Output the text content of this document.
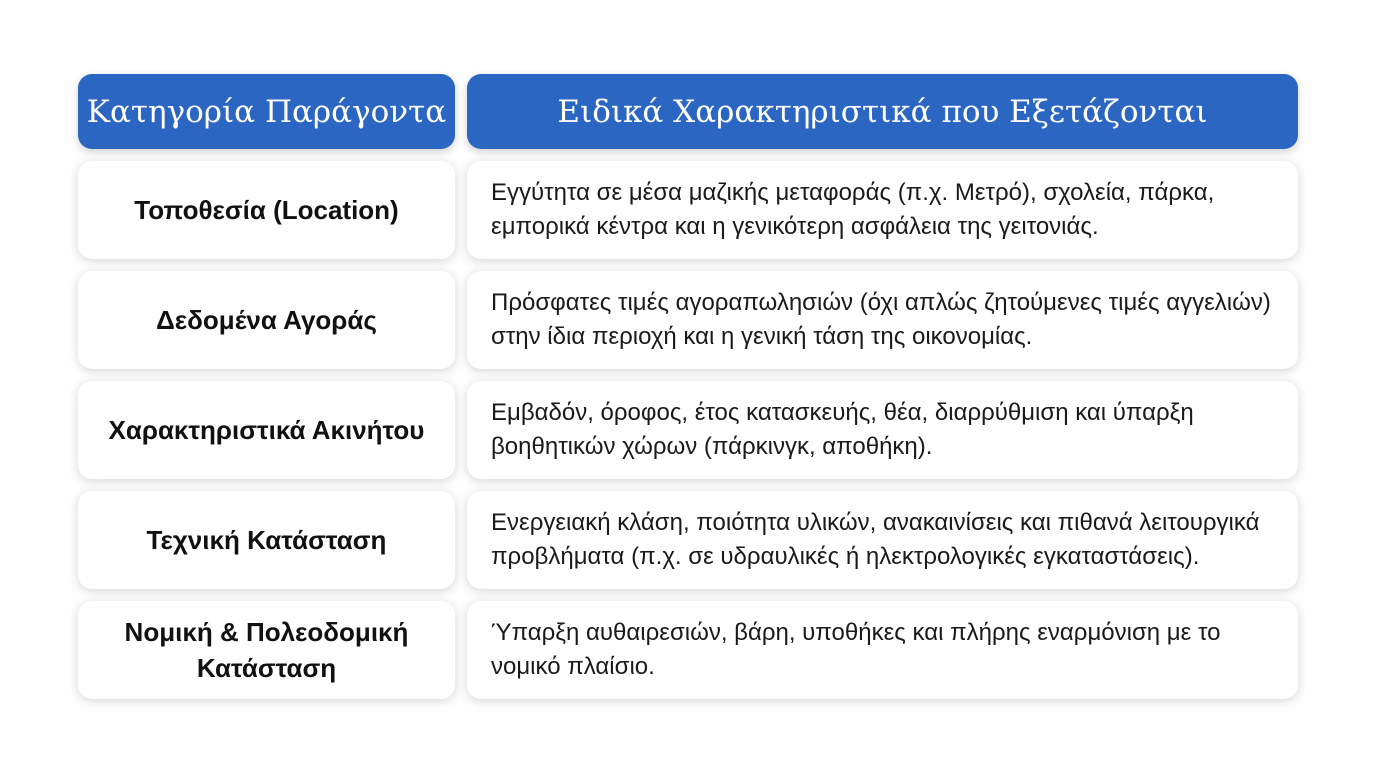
Κατηγορία Παράγοντα	Ειδικά Χαρακτηριστικά που Εξετάζονται
Τοποθεσία (Location)
Εγγύτητα σε μέσα μαζικής μεταφοράς (π.χ. Μετρό), σχολεία, πάρκα, εμπορικά κέντρα και η γενικότερη ασφάλεια της γειτονιάς.
Δεδομένα Αγοράς
Πρόσφατες τιμές αγοραπωλησιών (όχι απλώς ζητούμενες τιμές αγγελιών) στην ίδια περιοχή και η γενική τάση της οικονομίας.
Χαρακτηριστικά Ακινήτου
Εμβαδόν, όροφος, έτος κατασκευής, θέα, διαρρύθμιση και ύπαρξη βοηθητικών χώρων (πάρκινγκ, αποθήκη).
Τεχνική Κατάσταση
Ενεργειακή κλάση, ποιότητα υλικών, ανακαινίσεις και πιθανά λειτουργικά προβλήματα (π.χ. σε υδραυλικές ή ηλεκτρολογικές εγκαταστάσεις).
Νομική & Πολεοδομική Κατάσταση
Ύπαρξη αυθαιρεσιών, βάρη, υποθήκες και πλήρης εναρμόνιση με το νομικό πλαίσιο.
